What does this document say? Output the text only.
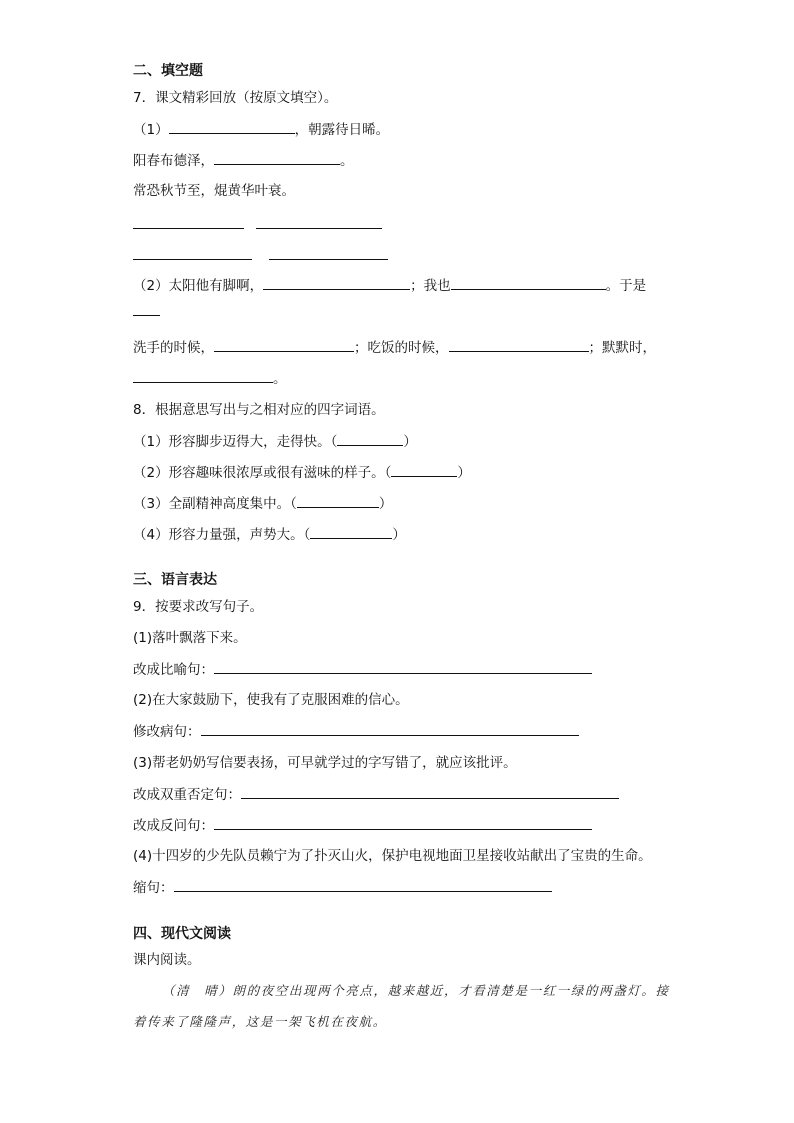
二、填空题
7．课文精彩回放（按原文填空）。
（1）	，朝露待日晞。
阳春布德泽，	。
常恐秋节至，焜黄华叶衰。
（2）太阳他有脚啊，	；我也	。于是
洗手的时候，	；吃饭的时候，	；默默时，
。
8．根据意思写出与之相对应的四字词语。
（1）形容脚步迈得大，走得快。（	）
（2）形容趣味很浓厚或很有滋味的样子。（	）
（3）全副精神高度集中。（	）
（4）形容力量强，声势大。（	）
三、语言表达
9．按要求改写句子。
(1)落叶飘落下来。
改成比喻句：
(2)在大家鼓励下，使我有了克服困难的信心。
修改病句：
(3)帮老奶奶写信要表扬，可早就学过的字写错了，就应该批评。
改成双重否定句：
改成反问句：
(4)十四岁的少先队员赖宁为了扑灭山火，保护电视地面卫星接收站献出了宝贵的生命。
缩句：
四、现代文阅读
课内阅读。
（清　晴）朗的夜空出现两个亮点，越来越近，才看清楚是一红一绿的两盏灯。接
着传来了隆隆声，这是一架飞机在夜航。
